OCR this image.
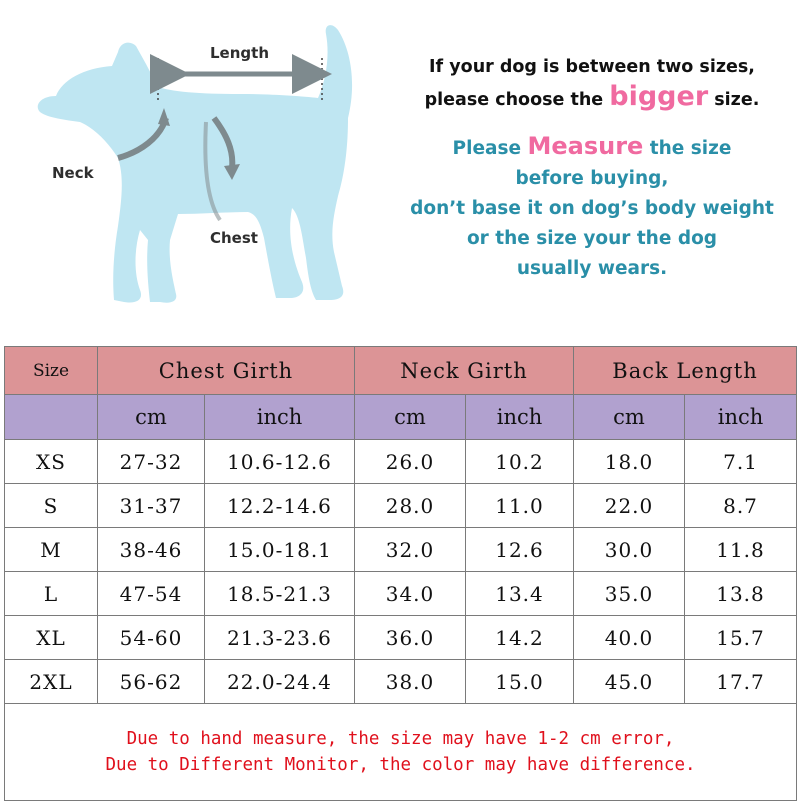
Length
Neck
Chest
If your dog is between two sizes,
please choose the bigger size.
Please Measure the size
before buying,
don’t base it on dog’s body weight
or the size your the dog
usually wears.
Size	Chest Girth		Neck Girth		Back Length	
	cm	inch	cm	inch	cm	inch
XS	27-32	10.6-12.6	26.0	10.2	18.0	7.1
S	31-37	12.2-14.6	28.0	11.0	22.0	8.7
M	38-46	15.0-18.1	32.0	12.6	30.0	11.8
L	47-54	18.5-21.3	34.0	13.4	35.0	13.8
XL	54-60	21.3-23.6	36.0	14.2	40.0	15.7
2XL	56-62	22.0-24.4	38.0	15.0	45.0	17.7

Due to hand measure, the size may have 1-2 cm error,
Due to Different Monitor, the color may have difference.						
